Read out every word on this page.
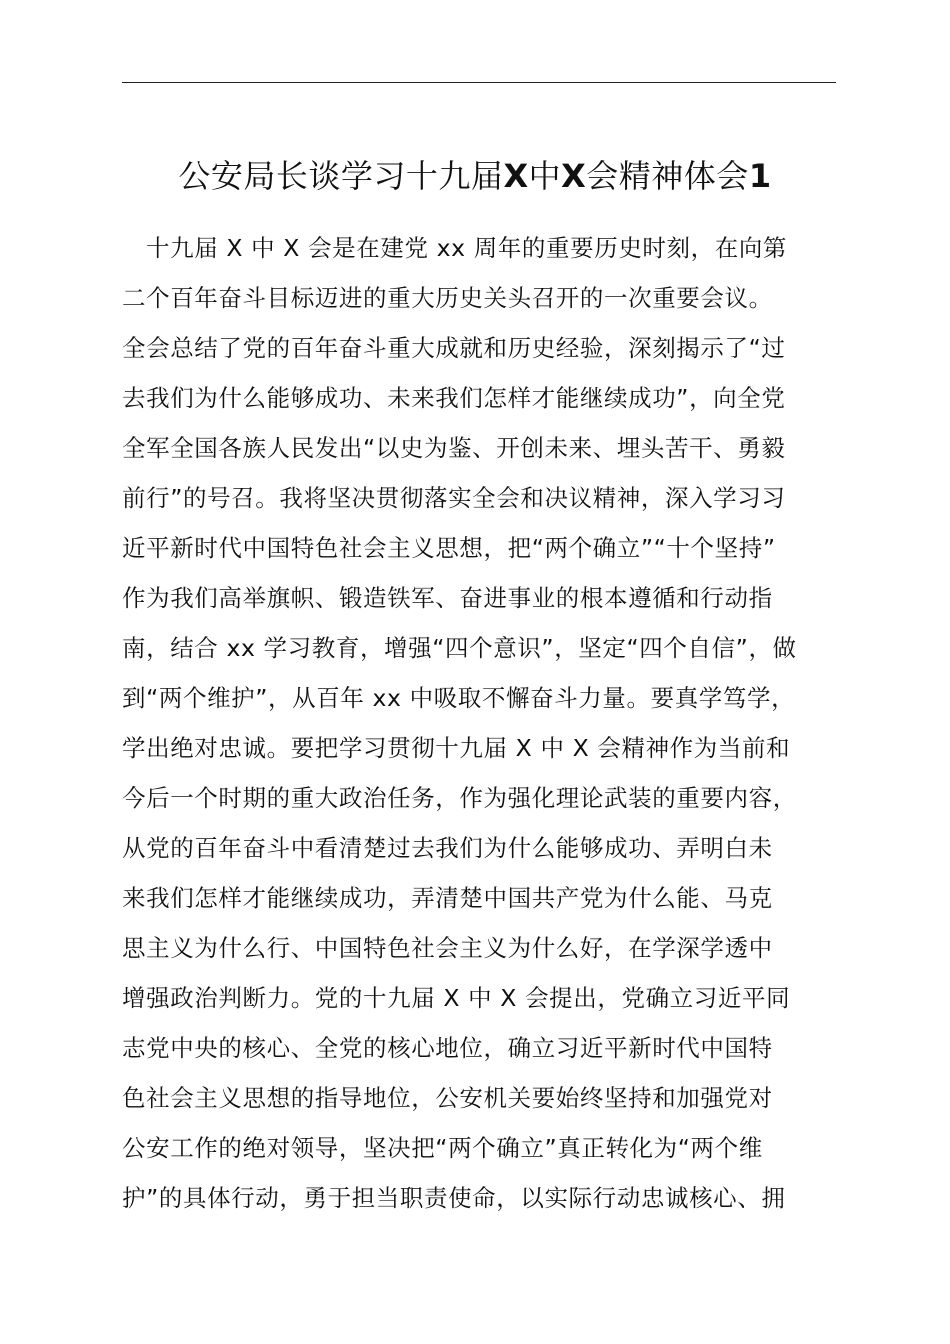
公安局长谈学习十九届X中X会精神体会1
十九届 X 中 X 会是在建党 xx 周年的重要历史时刻，在向第
二个百年奋斗目标迈进的重大历史关头召开的一次重要会议。
全会总结了党的百年奋斗重大成就和历史经验，深刻揭示了“过
去我们为什么能够成功、未来我们怎样才能继续成功”，向全党
全军全国各族人民发出“以史为鉴、开创未来、埋头苦干、勇毅
前行”的号召。我将坚决贯彻落实全会和决议精神，深入学习习
近平新时代中国特色社会主义思想，把“两个确立”“十个坚持”
作为我们高举旗帜、锻造铁军、奋进事业的根本遵循和行动指
南，结合 xx 学习教育，增强“四个意识”，坚定“四个自信”，做
到“两个维护”，从百年 xx 中吸取不懈奋斗力量。要真学笃学，
学出绝对忠诚。要把学习贯彻十九届 X 中 X 会精神作为当前和
今后一个时期的重大政治任务，作为强化理论武装的重要内容，
从党的百年奋斗中看清楚过去我们为什么能够成功、弄明白未
来我们怎样才能继续成功，弄清楚中国共产党为什么能、马克
思主义为什么行、中国特色社会主义为什么好，在学深学透中
增强政治判断力。党的十九届 X 中 X 会提出，党确立习近平同
志党中央的核心、全党的核心地位，确立习近平新时代中国特
色社会主义思想的指导地位，公安机关要始终坚持和加强党对
公安工作的绝对领导，坚决把“两个确立”真正转化为“两个维
护”的具体行动，勇于担当职责使命，以实际行动忠诚核心、拥
